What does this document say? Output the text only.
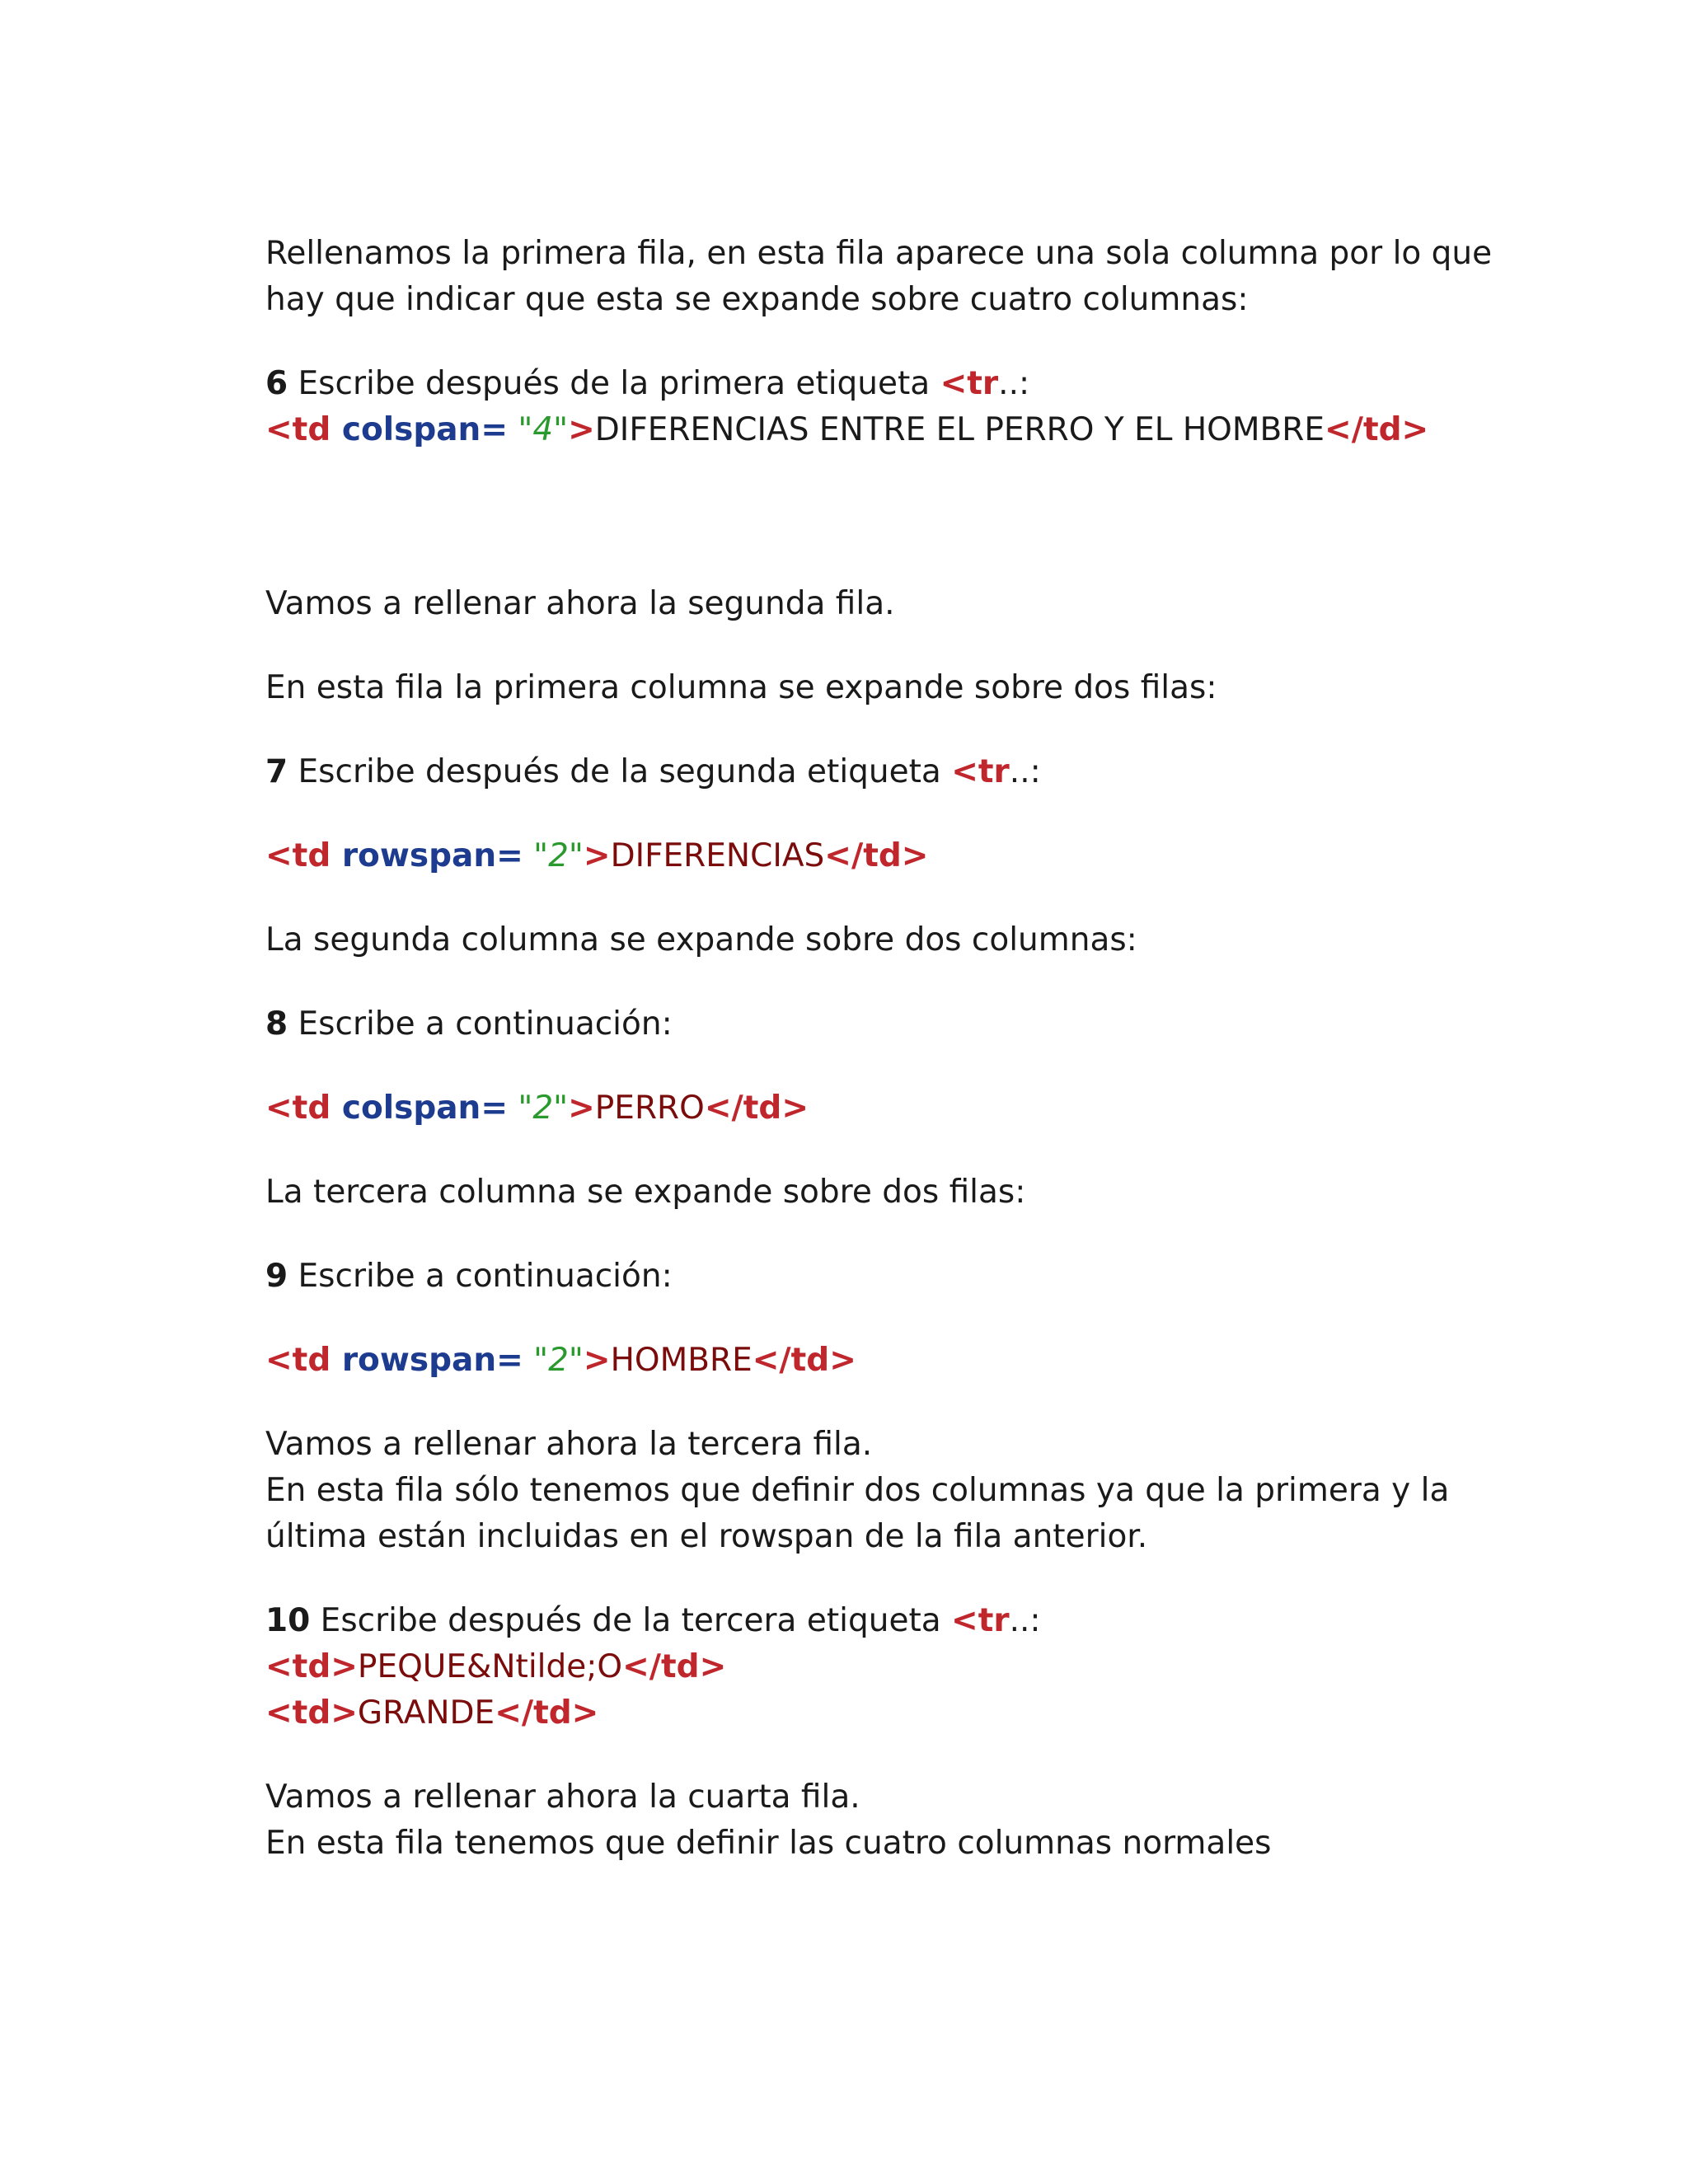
Rellenamos la primera fila, en esta fila aparece una sola columna por lo que

hay que indicar que esta se expande sobre cuatro columnas:

6 Escribe después de la primera etiqueta <tr..:

<td colspan= "4">DIFERENCIAS ENTRE EL PERRO Y EL HOMBRE</td>

Vamos a rellenar ahora la segunda fila.

En esta fila la primera columna se expande sobre dos filas:

7 Escribe después de la segunda etiqueta <tr..:

<td rowspan= "2">DIFERENCIAS</td>

La segunda columna se expande sobre dos columnas:

8 Escribe a continuación:

<td colspan= "2">PERRO</td>

La tercera columna se expande sobre dos filas:

9 Escribe a continuación:

<td rowspan= "2">HOMBRE</td>

Vamos a rellenar ahora la tercera fila.

En esta fila sólo tenemos que definir dos columnas ya que la primera y la

última están incluidas en el rowspan de la fila anterior.

10 Escribe después de la tercera etiqueta <tr..:

<td>PEQUE&Ntilde;O</td>

<td>GRANDE</td>

Vamos a rellenar ahora la cuarta fila.

En esta fila tenemos que definir las cuatro columnas normales
